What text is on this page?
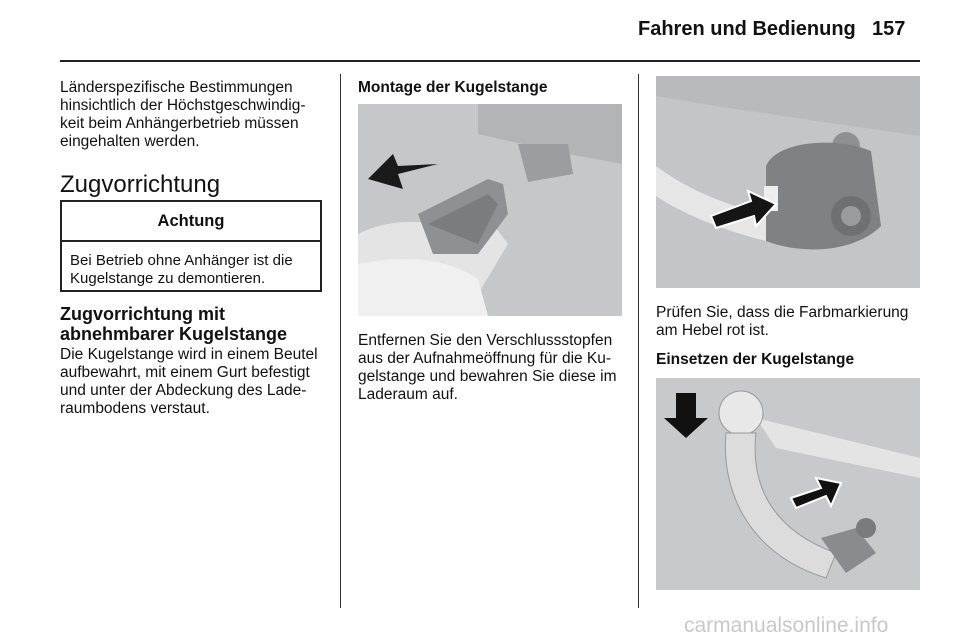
Fahren und Bedienung 157
Länderspezifische Bestimmungen
hinsichtlich der Höchstgeschwindig-
keit beim Anhängerbetrieb müssen
eingehalten werden.
Zugvorrichtung
Achtung
Bei Betrieb ohne Anhänger ist die
Kugelstange zu demontieren.
Zugvorrichtung mit
abnehmbarer Kugelstange
Die Kugelstange wird in einem Beutel
aufbewahrt, mit einem Gurt befestigt
und unter der Abdeckung des Lade-
raumbodens verstaut.
Montage der Kugelstange
Entfernen Sie den Verschlussstopfen
aus der Aufnahmeöffnung für die Ku-
gelstange und bewahren Sie diese im
Laderaum auf.
Prüfen Sie, dass die Farbmarkierung
am Hebel rot ist.
Einsetzen der Kugelstange
carmanualsonline.info
